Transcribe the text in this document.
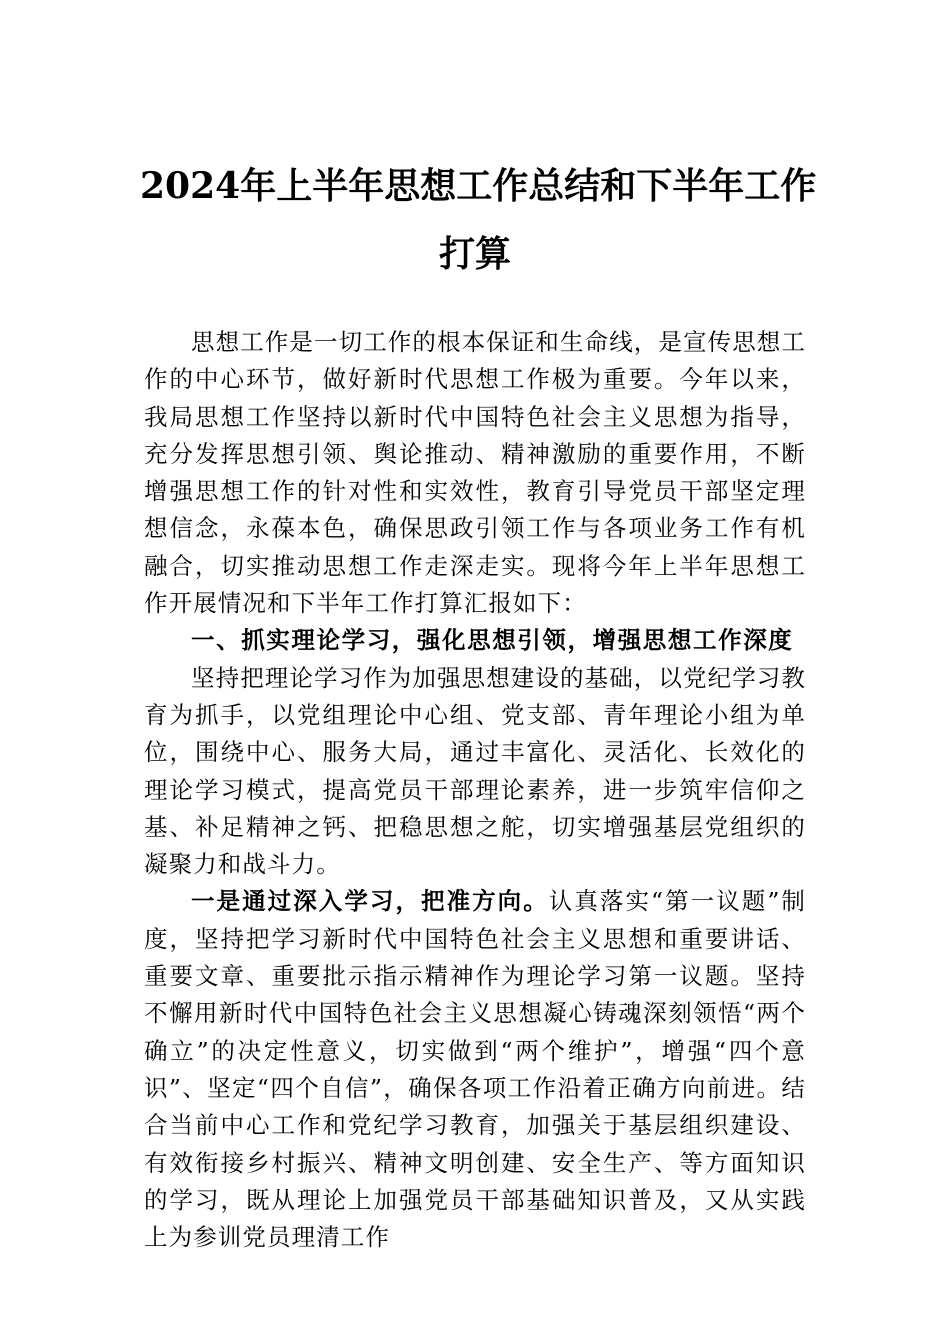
2024年上半年思想工作总结和下半年工作
打算

思想工作是一切工作的根本保证和生命线，是宣传思想工作的中心环节，做好新时代思想工作极为重要。今年以来，我局思想工作坚持以新时代中国特色社会主义思想为指导，充分发挥思想引领、舆论推动、精神激励的重要作用，不断增强思想工作的针对性和实效性，教育引导党员干部坚定理想信念，永葆本色，确保思政引领工作与各项业务工作有机融合，切实推动思想工作走深走实。现将今年上半年思想工作开展情况和下半年工作打算汇报如下：

一、抓实理论学习，强化思想引领，增强思想工作深度

坚持把理论学习作为加强思想建设的基础，以党纪学习教育为抓手，以党组理论中心组、党支部、青年理论小组为单位，围绕中心、服务大局，通过丰富化、灵活化、长效化的理论学习模式，提高党员干部理论素养，进一步筑牢信仰之基、补足精神之钙、把稳思想之舵，切实增强基层党组织的凝聚力和战斗力。

一是通过深入学习，把准方向。认真落实“第一议题”制度，坚持把学习新时代中国特色社会主义思想和重要讲话、重要文章、重要批示指示精神作为理论学习第一议题。坚持不懈用新时代中国特色社会主义思想凝心铸魂深刻领悟“两个确立”的决定性意义，切实做到“两个维护”，增强“四个意识”、坚定“四个自信”，确保各项工作沿着正确方向前进。结合当前中心工作和党纪学习教育，加强关于基层组织建设、有效衔接乡村振兴、精神文明创建、安全生产、等方面知识的学习，既从理论上加强党员干部基础知识普及，又从实践上为参训党员理清工作
